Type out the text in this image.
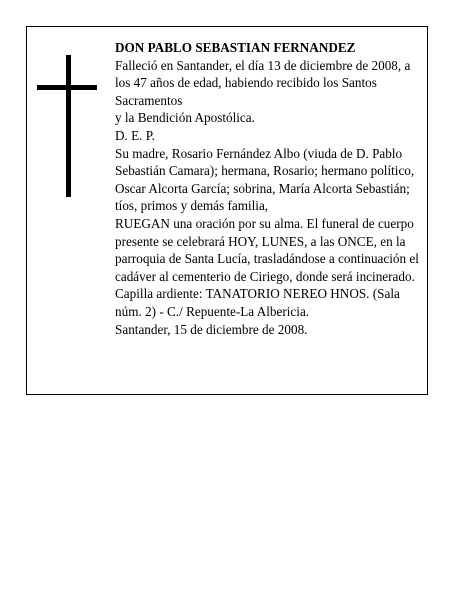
DON PABLO SEBASTIAN FERNANDEZ

Falleció en Santander, el día 13 de diciembre de 2008, a los 47 años de edad, habiendo recibido los Santos Sacramentos

y la Bendición Apostólica.

D. E. P.

Su madre, Rosario Fernández Albo (viuda de D. Pablo Sebastián Camara); hermana, Rosario; hermano político, Oscar Alcorta García; sobrina, María Alcorta Sebastián; tíos, primos y demás familia,

RUEGAN una oración por su alma. El funeral de cuerpo presente se celebrará HOY, LUNES, a las ONCE, en la parroquia de Santa Lucía, trasladándose a continuación el cadáver al cementerio de Ciriego, donde será incinerado. Capilla ardiente: TANATORIO NEREO HNOS. (Sala núm. 2) - C./ Repuente-La Albericia.

Santander, 15 de diciembre de 2008.
